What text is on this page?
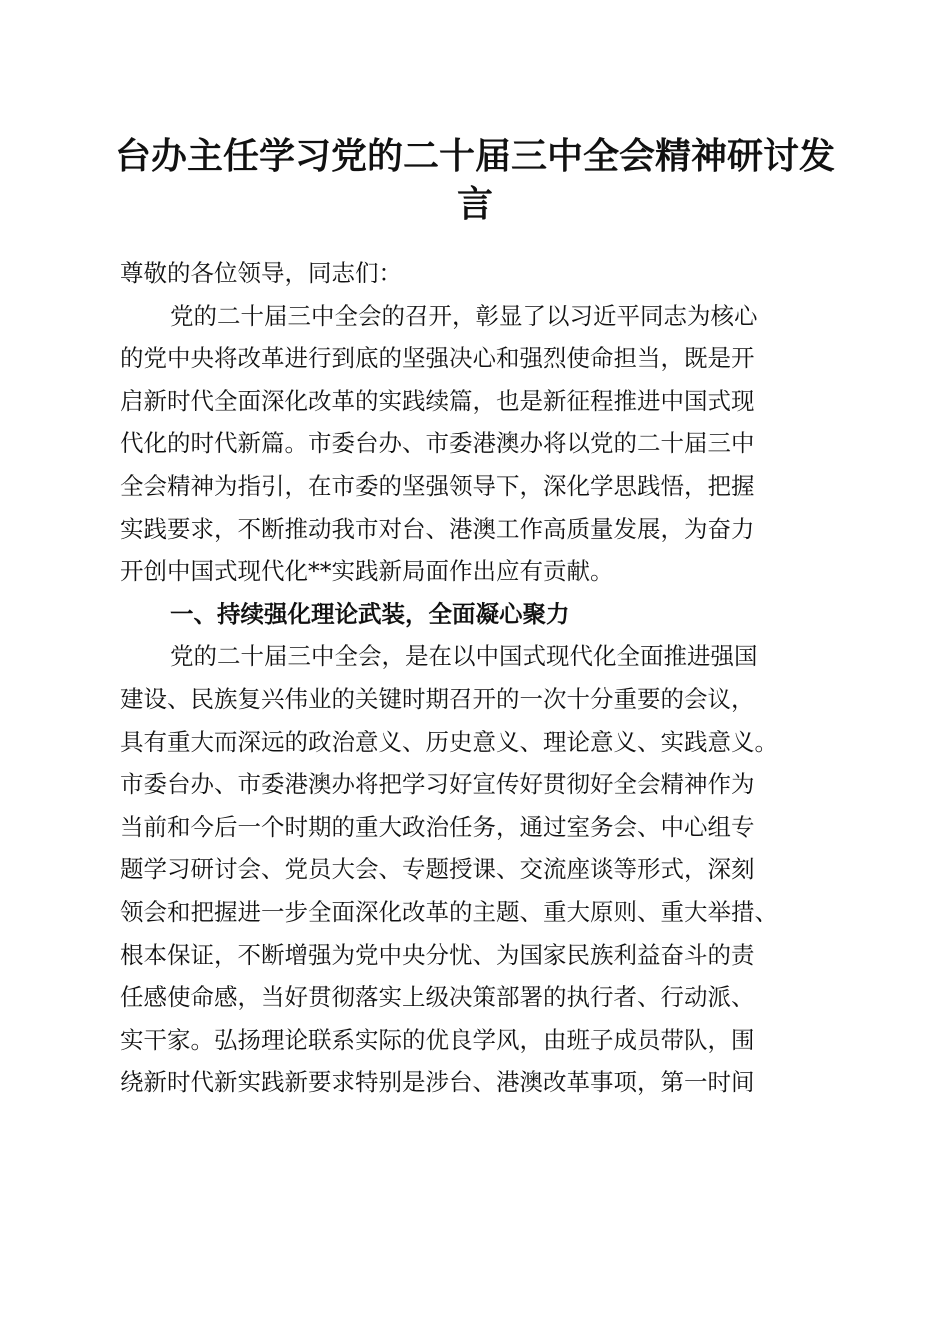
台办主任学习党的二十届三中全会精神研讨发
言
尊敬的各位领导，同志们：
党的二十届三中全会的召开，彰显了以习近平同志为核心
的党中央将改革进行到底的坚强决心和强烈使命担当，既是开
启新时代全面深化改革的实践续篇，也是新征程推进中国式现
代化的时代新篇。市委台办、市委港澳办将以党的二十届三中
全会精神为指引，在市委的坚强领导下，深化学思践悟，把握
实践要求，不断推动我市对台、港澳工作高质量发展，为奋力
开创中国式现代化**实践新局面作出应有贡献。
一、持续强化理论武装，全面凝心聚力
党的二十届三中全会，是在以中国式现代化全面推进强国
建设、民族复兴伟业的关键时期召开的一次十分重要的会议，
具有重大而深远的政治意义、历史意义、理论意义、实践意义。
市委台办、市委港澳办将把学习好宣传好贯彻好全会精神作为
当前和今后一个时期的重大政治任务，通过室务会、中心组专
题学习研讨会、党员大会、专题授课、交流座谈等形式，深刻
领会和把握进一步全面深化改革的主题、重大原则、重大举措、
根本保证，不断增强为党中央分忧、为国家民族利益奋斗的责
任感使命感，当好贯彻落实上级决策部署的执行者、行动派、
实干家。弘扬理论联系实际的优良学风，由班子成员带队，围
绕新时代新实践新要求特别是涉台、港澳改革事项，第一时间
